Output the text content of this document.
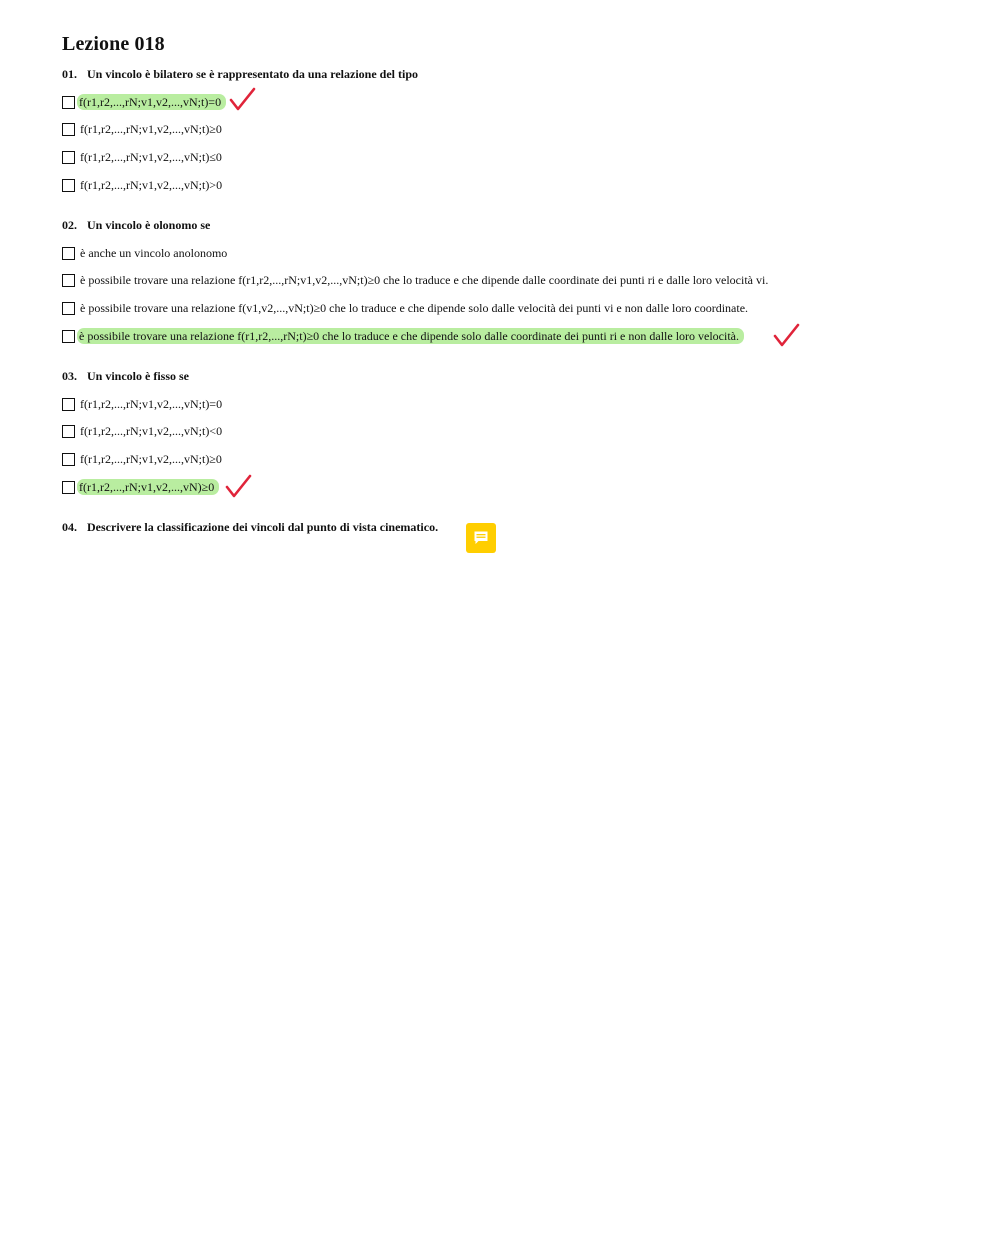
Lezione 018
01. Un vincolo è bilatero se è rappresentato da una relazione del tipo
f(r1,r2,...,rN;v1,v2,...,vN;t)=0
f(r1,r2,...,rN;v1,v2,...,vN;t)≥0
f(r1,r2,...,rN;v1,v2,...,vN;t)≤0
f(r1,r2,...,rN;v1,v2,...,vN;t)>0
02. Un vincolo è olonomo se
è anche un vincolo anolonomo
è possibile trovare una relazione f(r1,r2,...,rN;v1,v2,...,vN;t)≥0 che lo traduce e che dipende dalle coordinate dei punti ri e dalle loro velocità vi.
è possibile trovare una relazione f(v1,v2,...,vN;t)≥0 che lo traduce e che dipende solo dalle velocità dei punti vi e non dalle loro coordinate.
è possibile trovare una relazione f(r1,r2,...,rN;t)≥0 che lo traduce e che dipende solo dalle coordinate dei punti ri e non dalle loro velocità.
03. Un vincolo è fisso se
f(r1,r2,...,rN;v1,v2,...,vN;t)=0
f(r1,r2,...,rN;v1,v2,...,vN;t)<0
f(r1,r2,...,rN;v1,v2,...,vN;t)≥0
f(r1,r2,...,rN;v1,v2,...,vN)≥0
04. Descrivere la classificazione dei vincoli dal punto di vista cinematico.
